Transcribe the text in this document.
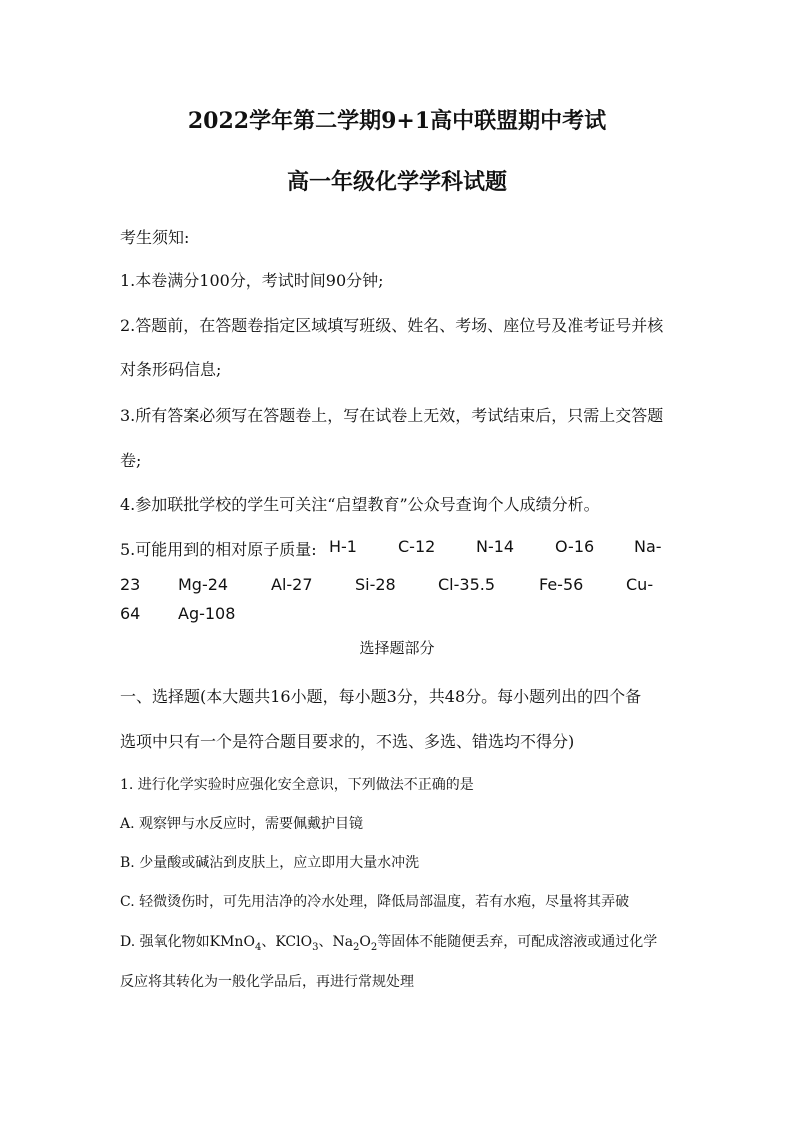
2022学年第二学期9+1高中联盟期中考试
高一年级化学学科试题
考生须知:
1.本卷满分100分，考试时间90分钟;
2.答题前，在答题卷指定区域填写班级、姓名、考场、座位号及准考证号并核
对条形码信息;
3.所有答案必须写在答题卷上，写在试卷上无效，考试结束后，只需上交答题
卷;
4.参加联批学校的学生可关注“启望教育”公众号查询个人成绩分析。
5.可能用到的相对原子质量: H-1	C-12	N-14	O-16 Na-
23 Mg-24	Al-27	Si-28	Cl-35.5	Fe-56	Cu-
64 Ag-108
选择题部分
一、选择题(本大题共16小题，每小题3分，共48分。每小题列出的四个备
选项中只有一个是符合题目要求的，不选、多选、错选均不得分)
1. 进行化学实验时应强化安全意识，下列做法不正确的是
A. 观察钾与水反应时，需要佩戴护目镜
B. 少量酸或碱沾到皮肤上，应立即用大量水冲洗
C. 轻微烫伤时，可先用洁净的冷水处理，降低局部温度，若有水疱，尽量将其弄破
D. 强氧化物如KMnO$_4$、KClO$_3$、$Na_2O_2$等固体不能随便丢弃，可配成溶液或通过化学
反应将其转化为一般化学品后，再进行常规处理
